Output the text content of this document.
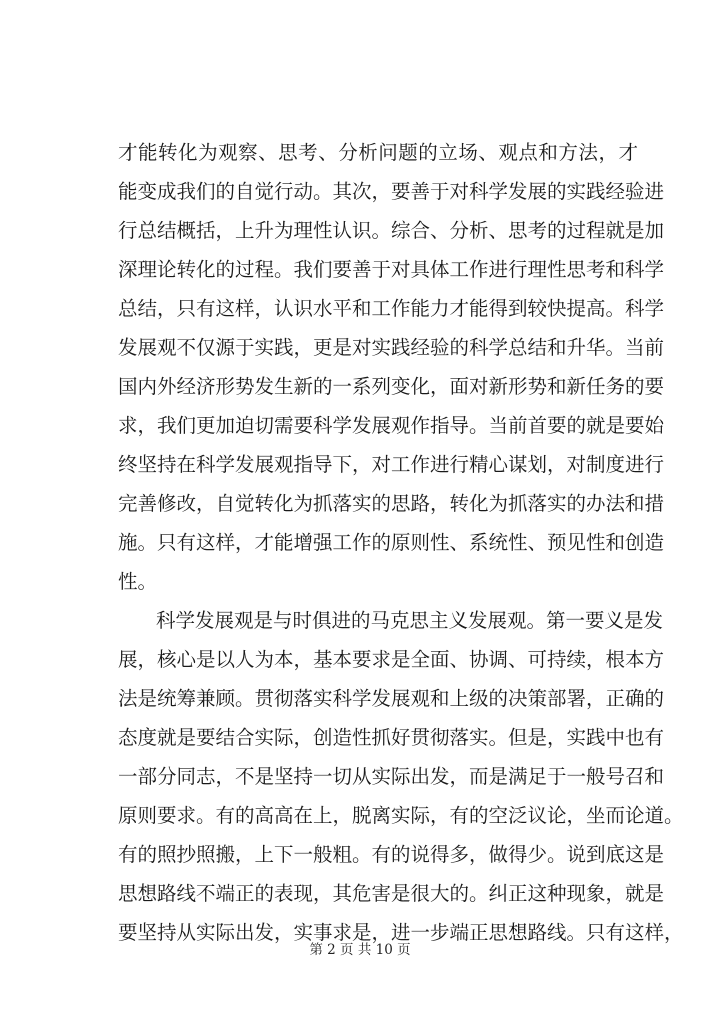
才能转化为观察、思考、分析问题的立场、观点和方法，才
能变成我们的自觉行动。其次，要善于对科学发展的实践经验进
行总结概括，上升为理性认识。综合、分析、思考的过程就是加
深理论转化的过程。我们要善于对具体工作进行理性思考和科学
总结，只有这样，认识水平和工作能力才能得到较快提高。科学
发展观不仅源于实践，更是对实践经验的科学总结和升华。当前
国内外经济形势发生新的一系列变化，面对新形势和新任务的要
求，我们更加迫切需要科学发展观作指导。当前首要的就是要始
终坚持在科学发展观指导下，对工作进行精心谋划，对制度进行
完善修改，自觉转化为抓落实的思路，转化为抓落实的办法和措
施。只有这样，才能增强工作的原则性、系统性、预见性和创造
性。
科学发展观是与时俱进的马克思主义发展观。第一要义是发
展，核心是以人为本，基本要求是全面、协调、可持续，根本方
法是统筹兼顾。贯彻落实科学发展观和上级的决策部署，正确的
态度就是要结合实际，创造性抓好贯彻落实。但是，实践中也有
一部分同志，不是坚持一切从实际出发，而是满足于一般号召和
原则要求。有的高高在上，脱离实际，有的空泛议论，坐而论道。
有的照抄照搬，上下一般粗。有的说得多，做得少。说到底这是
思想路线不端正的表现，其危害是很大的。纠正这种现象，就是
要坚持从实际出发，实事求是，进一步端正思想路线。只有这样，
第 2 页 共 10 页
